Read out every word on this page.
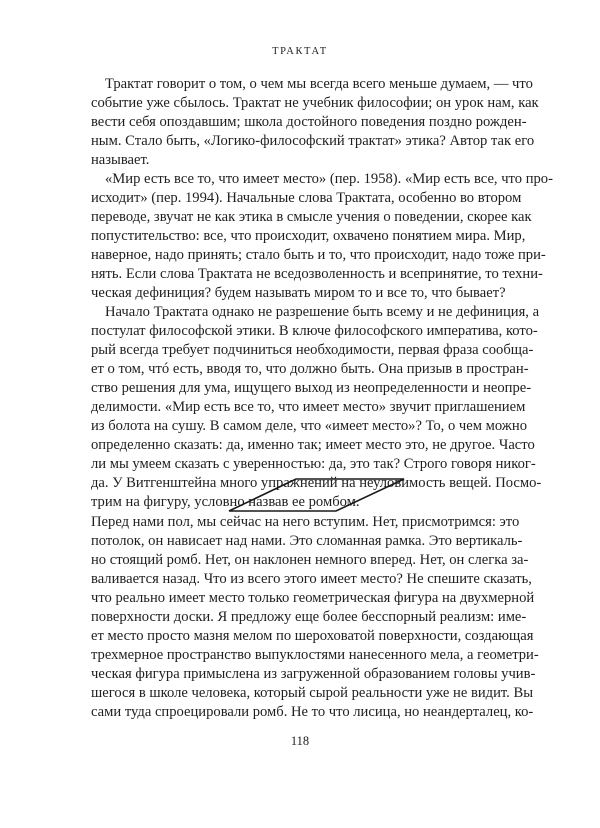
ТРАКТАТ
Трактат говорит о том, о чем мы всегда всего меньше думаем, — что
событие уже сбылось. Трактат не учебник философии; он урок нам, как
вести себя опоздавшим; школа достойного поведения поздно рожден-
ным. Стало быть, «Логико-философский трактат» этика? Автор так его
называет.
«Мир есть все то, что имеет место» (пер. 1958). «Мир есть все, что про-
исходит» (пер. 1994). Начальные слова Трактата, особенно во втором
переводе, звучат не как этика в смысле учения о поведении, скорее как
попустительство: все, что происходит, охвачено понятием мира. Мир,
наверное, надо принять; стало быть и то, что происходит, надо тоже при-
нять. Если слова Трактата не вседозволенность и всепринятие, то техни-
ческая дефиниция? будем называть миром то и все то, что бывает?
Начало Трактата однако не разрешение быть всему и не дефиниция, а
постулат философской этики. В ключе философского императива, кото-
рый всегда требует подчиниться необходимости, первая фраза сообща-
ет о том, чтó есть, вводя то, что должно быть. Она призыв в простран-
ство решения для ума, ищущего выход из неопределенности и неопре-
делимости. «Мир есть все то, что имеет место» звучит приглашением
из болота на сушу. В самом деле, что «имеет место»? То, о чем можно
определенно сказать: да, именно так; имеет место это, не другое. Часто
ли мы умеем сказать с уверенностью: да, это так? Строго говоря никог-
да. У Витгенштейна много упражнений на неуловимость вещей. Посмо-
трим на фигуру, условно назвав ее ромбом.
Перед нами пол, мы сейчас на него вступим. Нет, присмотримся: это
потолок, он нависает над нами. Это сломанная рамка. Это вертикаль-
но стоящий ромб. Нет, он наклонен немного вперед. Нет, он слегка за-
валивается назад. Что из всего этого имеет место? Не спешите сказать,
что реально имеет место только геометрическая фигура на двухмерной
поверхности доски. Я предложу еще более бесспорный реализм: име-
ет место просто мазня мелом по шероховатой поверхности, создающая
трехмерное пространство выпуклостями нанесенного мела, а геометри-
ческая фигура примыслена из загруженной образованием головы учив-
шегося в школе человека, который сырой реальности уже не видит. Вы
сами туда спроецировали ромб. Не то что лисица, но неандерталец, ко-
118
